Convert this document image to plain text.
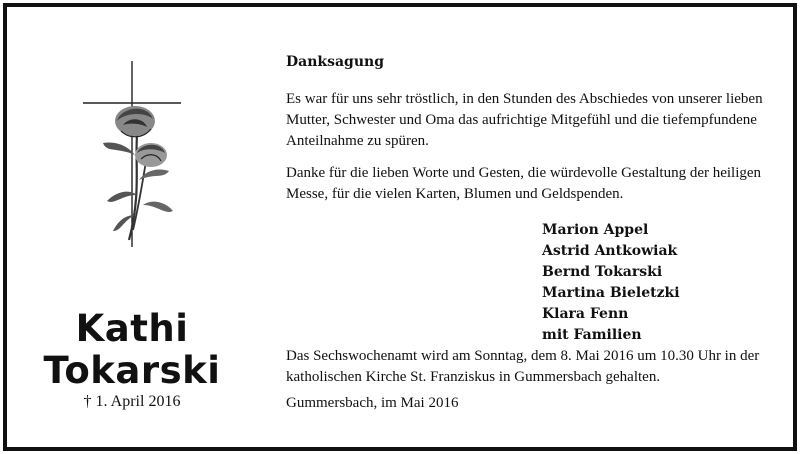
Kathi
Tokarski
† 1. April 2016
Danksagung
Es war für uns sehr tröstlich, in den Stunden des Abschiedes von unserer lieben
Mutter, Schwester und Oma das aufrichtige Mitgefühl und die tiefempfundene
Anteilnahme zu spüren.
Danke für die lieben Worte und Gesten, die würdevolle Gestaltung der heiligen
Messe, für die vielen Karten, Blumen und Geldspenden.
Marion Appel
Astrid Antkowiak
Bernd Tokarski
Martina Bieletzki
Klara Fenn
mit Familien
Das Sechswochenamt wird am Sonntag, dem 8. Mai 2016 um 10.30 Uhr in der
katholischen Kirche St. Franziskus in Gummersbach gehalten.
Gummersbach, im Mai 2016
